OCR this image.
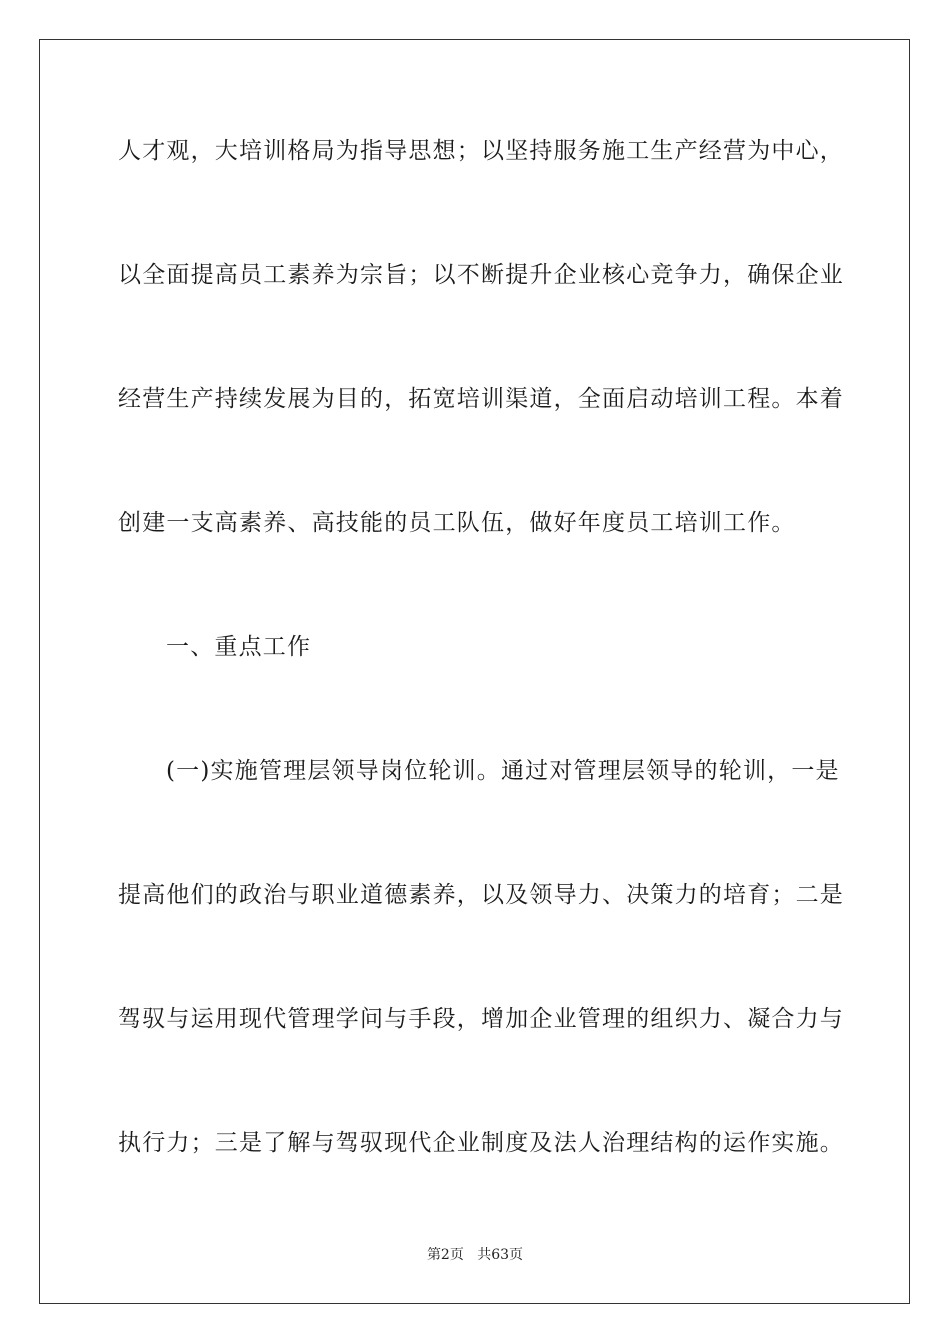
人才观，大培训格局为指导思想；以坚持服务施工生产经营为中心，
以全面提高员工素养为宗旨；以不断提升企业核心竞争力，确保企业
经营生产持续发展为目的，拓宽培训渠道，全面启动培训工程。本着
创建一支高素养、高技能的员工队伍，做好年度员工培训工作。
一、重点工作
(一)实施管理层领导岗位轮训。通过对管理层领导的轮训，一是
提高他们的政治与职业道德素养，以及领导力、决策力的培育；二是
驾驭与运用现代管理学问与手段，增加企业管理的组织力、凝合力与
执行力；三是了解与驾驭现代企业制度及法人治理结构的运作实施。
第2页 共63页
